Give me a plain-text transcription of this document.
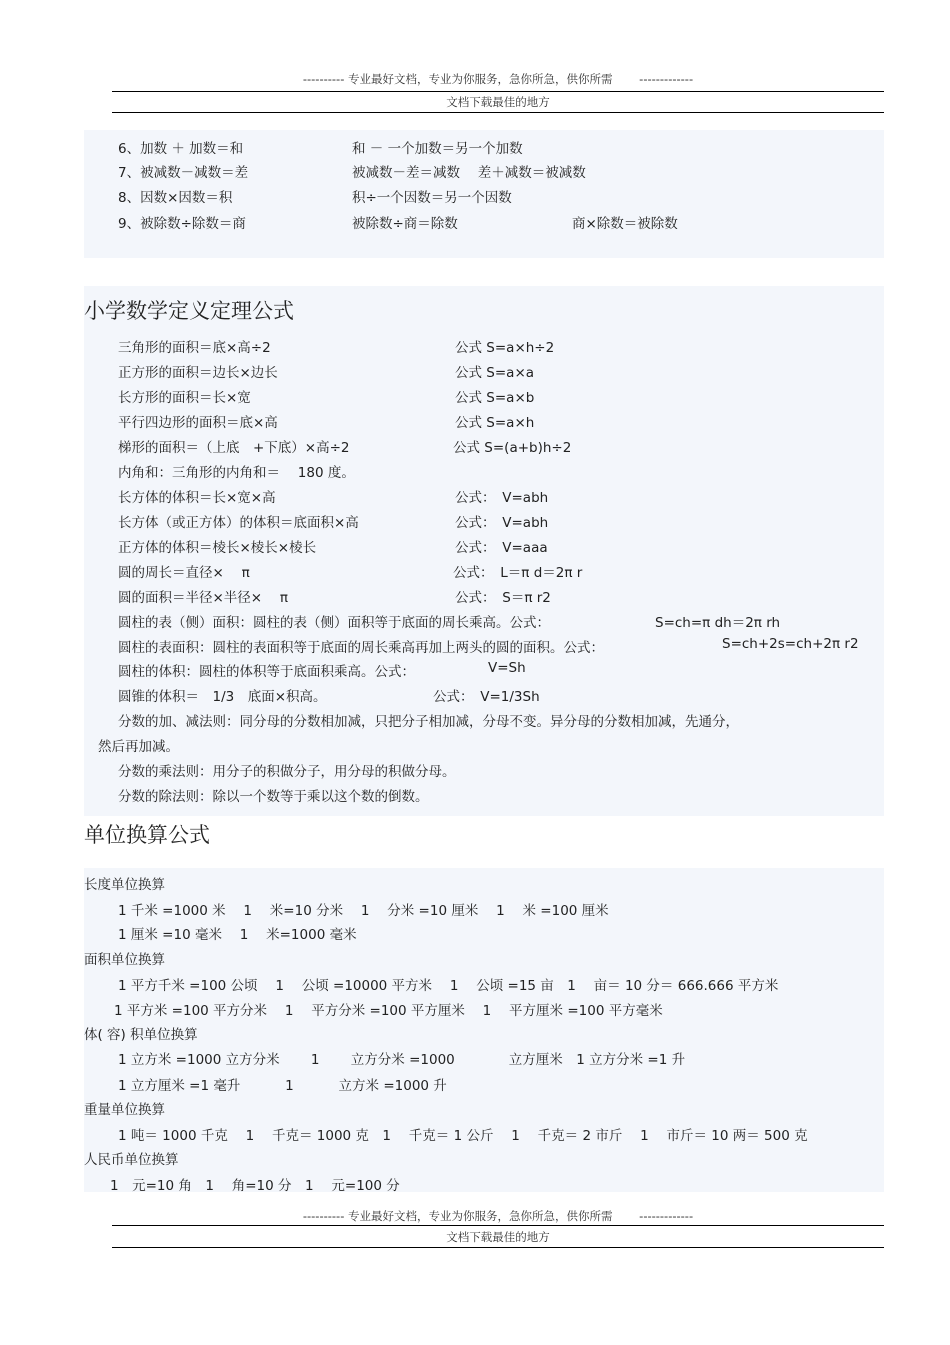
---------- 专业最好文档，专业为你服务，急你所急，供你所需　　 -------------
文档下载最佳的地方
6、加数 ＋ 加数＝和	和 － 一个加数＝另一个加数
7、被减数－减数＝差	被减数－差＝减数　 差＋减数＝被减数
8、因数×因数＝积	积÷一个因数＝另一个因数
9、被除数÷除数＝商	被除数÷商＝除数	商×除数＝被除数
小学数学定义定理公式
三角形的面积＝底×高÷2	公式 S=a×h÷2
正方形的面积＝边长×边长	公式 S=a×a
长方形的面积＝长×宽	公式 S=a×b
平行四边形的面积＝底×高	公式 S=a×h
梯形的面积＝（上底　+下底）×高÷2	公式 S=(a+b)h÷2
内角和：三角形的内角和＝　 180 度。
长方体的体积＝长×宽×高	公式：　V=abh
长方体（或正方体）的体积＝底面积×高	公式：　V=abh
正方体的体积＝棱长×棱长×棱长	公式：　V=aaa
圆的周长＝直径×　 π	公式：　L＝π d＝2π r
圆的面积＝半径×半径×　 π	公式：　S＝π r2
圆柱的表（侧）面积：圆柱的表（侧）面积等于底面的周长乘高。公式：	S=ch=π dh＝2π rh
圆柱的表面积：圆柱的表面积等于底面的周长乘高再加上两头的圆的面积。公式：	S=ch+2s=ch+2π r2
圆柱的体积：圆柱的体积等于底面积乘高。公式：	V=Sh
圆锥的体积＝　1/3　底面×积高。	公式：　V=1/3Sh
分数的加、减法则：同分母的分数相加减，只把分子相加减，分母不变。异分母的分数相加减，先通分，
然后再加减。
分数的乘法则：用分子的积做分子，用分母的积做分母。
分数的除法则：除以一个数等于乘以这个数的倒数。
单位换算公式
长度单位换算
1 千米 =1000 米　 1　 米=10 分米　 1　 分米 =10 厘米　 1　 米 =100 厘米
1 厘米 =10 毫米　 1　 米=1000 毫米
面积单位换算
1 平方千米 =100 公顷　 1　 公顷 =10000 平方米　 1　 公顷 =15 亩　1　 亩＝ 10 分＝ 666.666 平方米
1 平方米 =100 平方分米　 1　 平方分米 =100 平方厘米　 1　 平方厘米 =100 平方毫米
体( 容) 积单位换算
1 立方米 =1000 立方分米　　 1　　 立方分米 =1000　　　　立方厘米　1 立方分米 =1 升
1 立方厘米 =1 毫升　　　 1　　　 立方米 =1000 升
重量单位换算
1 吨＝ 1000 千克　 1　 千克＝ 1000 克　1　 千克＝ 1 公斤　 1　 千克＝ 2 市斤　 1　 市斤＝ 10 两＝ 500 克
人民币单位换算
1　元=10 角　1　 角=10 分　1　 元=100 分
---------- 专业最好文档，专业为你服务，急你所急，供你所需　　 -------------
文档下载最佳的地方
